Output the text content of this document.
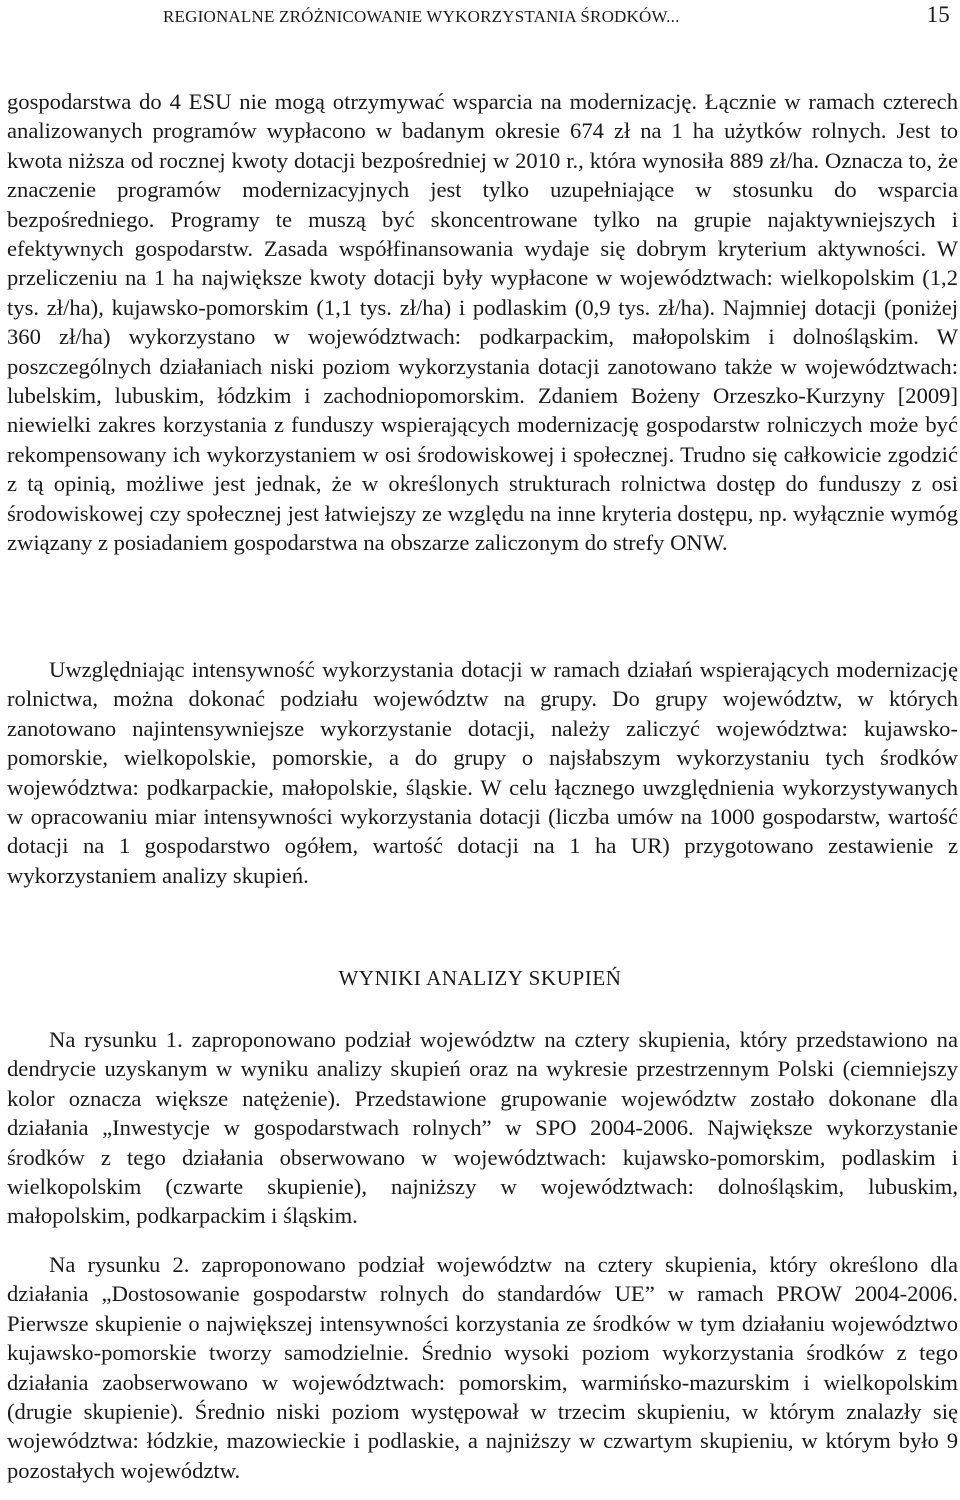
REGIONALNE ZRÓŻNICOWANIE WYKORZYSTANIA ŚRODKÓW...	15

gospodarstwa do 4 ESU nie mogą otrzymywać wsparcia na modernizację. Łącznie w ramach czterech analizowanych programów wypłacono w badanym okresie 674 zł na 1 ha użytków rolnych. Jest to kwota niższa od rocznej kwoty dotacji bezpośredniej w 2010 r., która wynosiła 889 zł/ha. Oznacza to, że znaczenie programów modernizacyjnych jest tylko uzupełniające w stosunku do wsparcia bezpośredniego. Programy te muszą być skoncentrowane tylko na grupie najaktywniejszych i efektywnych gospodarstw. Zasada współfinansowania wydaje się dobrym kryterium aktywności. W przeliczeniu na 1 ha największe kwoty dotacji były wypłacone w województwach: wielkopolskim (1,2 tys. zł/ha), kujawsko-pomorskim (1,1 tys. zł/ha) i podlaskim (0,9 tys. zł/ha). Najmniej dotacji (poniżej 360 zł/ha) wykorzystano w województwach: podkarpackim, małopolskim i dolnośląskim. W poszczególnych działaniach niski poziom wykorzystania dotacji zanotowano także w województwach: lubelskim, lubuskim, łódzkim i zachodniopomorskim. Zdaniem Bożeny Orzeszko-Kurzyny [2009] niewielki zakres korzystania z funduszy wspierających modernizację gospodarstw rolniczych może być rekompensowany ich wykorzystaniem w osi środowiskowej i społecznej. Trudno się całkowicie zgodzić z tą opinią, możliwe jest jednak, że w określonych strukturach rolnictwa dostęp do funduszy z osi środowiskowej czy społecznej jest łatwiejszy ze względu na inne kryteria dostępu, np. wyłącznie wymóg związany z posiadaniem gospodarstwa na obszarze zaliczonym do strefy ONW.

Uwzględniając intensywność wykorzystania dotacji w ramach działań wspierających modernizację rolnictwa, można dokonać podziału województw na grupy. Do grupy województw, w których zanotowano najintensywniejsze wykorzystanie dotacji, należy zaliczyć województwa: kujawsko-pomorskie, wielkopolskie, pomorskie, a do grupy o najsłabszym wykorzystaniu tych środków województwa: podkarpackie, małopolskie, śląskie. W celu łącznego uwzględnienia wykorzystywanych w opracowaniu miar intensywności wykorzystania dotacji (liczba umów na 1000 gospodarstw, wartość dotacji na 1 gospodarstwo ogółem, wartość dotacji na 1 ha UR) przygotowano zestawienie z wykorzystaniem analizy skupień.

WYNIKI ANALIZY SKUPIEŃ

Na rysunku 1. zaproponowano podział województw na cztery skupienia, który przedstawiono na dendrycie uzyskanym w wyniku analizy skupień oraz na wykresie przestrzennym Polski (ciemniejszy kolor oznacza większe natężenie). Przedstawione grupowanie województw zostało dokonane dla działania „Inwestycje w gospodarstwach rolnych” w SPO 2004-2006. Największe wykorzystanie środków z tego działania obserwowano w województwach: kujawsko-pomorskim, podlaskim i wielkopolskim (czwarte skupienie), najniższy w województwach: dolnośląskim, lubuskim, małopolskim, podkarpackim i śląskim.

Na rysunku 2. zaproponowano podział województw na cztery skupienia, który określono dla działania „Dostosowanie gospodarstw rolnych do standardów UE” w ramach PROW 2004-2006. Pierwsze skupienie o największej intensywności korzystania ze środków w tym działaniu województwo kujawsko-pomorskie tworzy samodzielnie. Średnio wysoki poziom wykorzystania środków z tego działania zaobserwowano w województwach: pomorskim, warmińsko-mazurskim i wielkopolskim (drugie skupienie). Średnio niski poziom występował w trzecim skupieniu, w którym znalazły się województwa: łódzkie, mazowieckie i podlaskie, a najniższy w czwartym skupieniu, w którym było 9 pozostałych województw.
